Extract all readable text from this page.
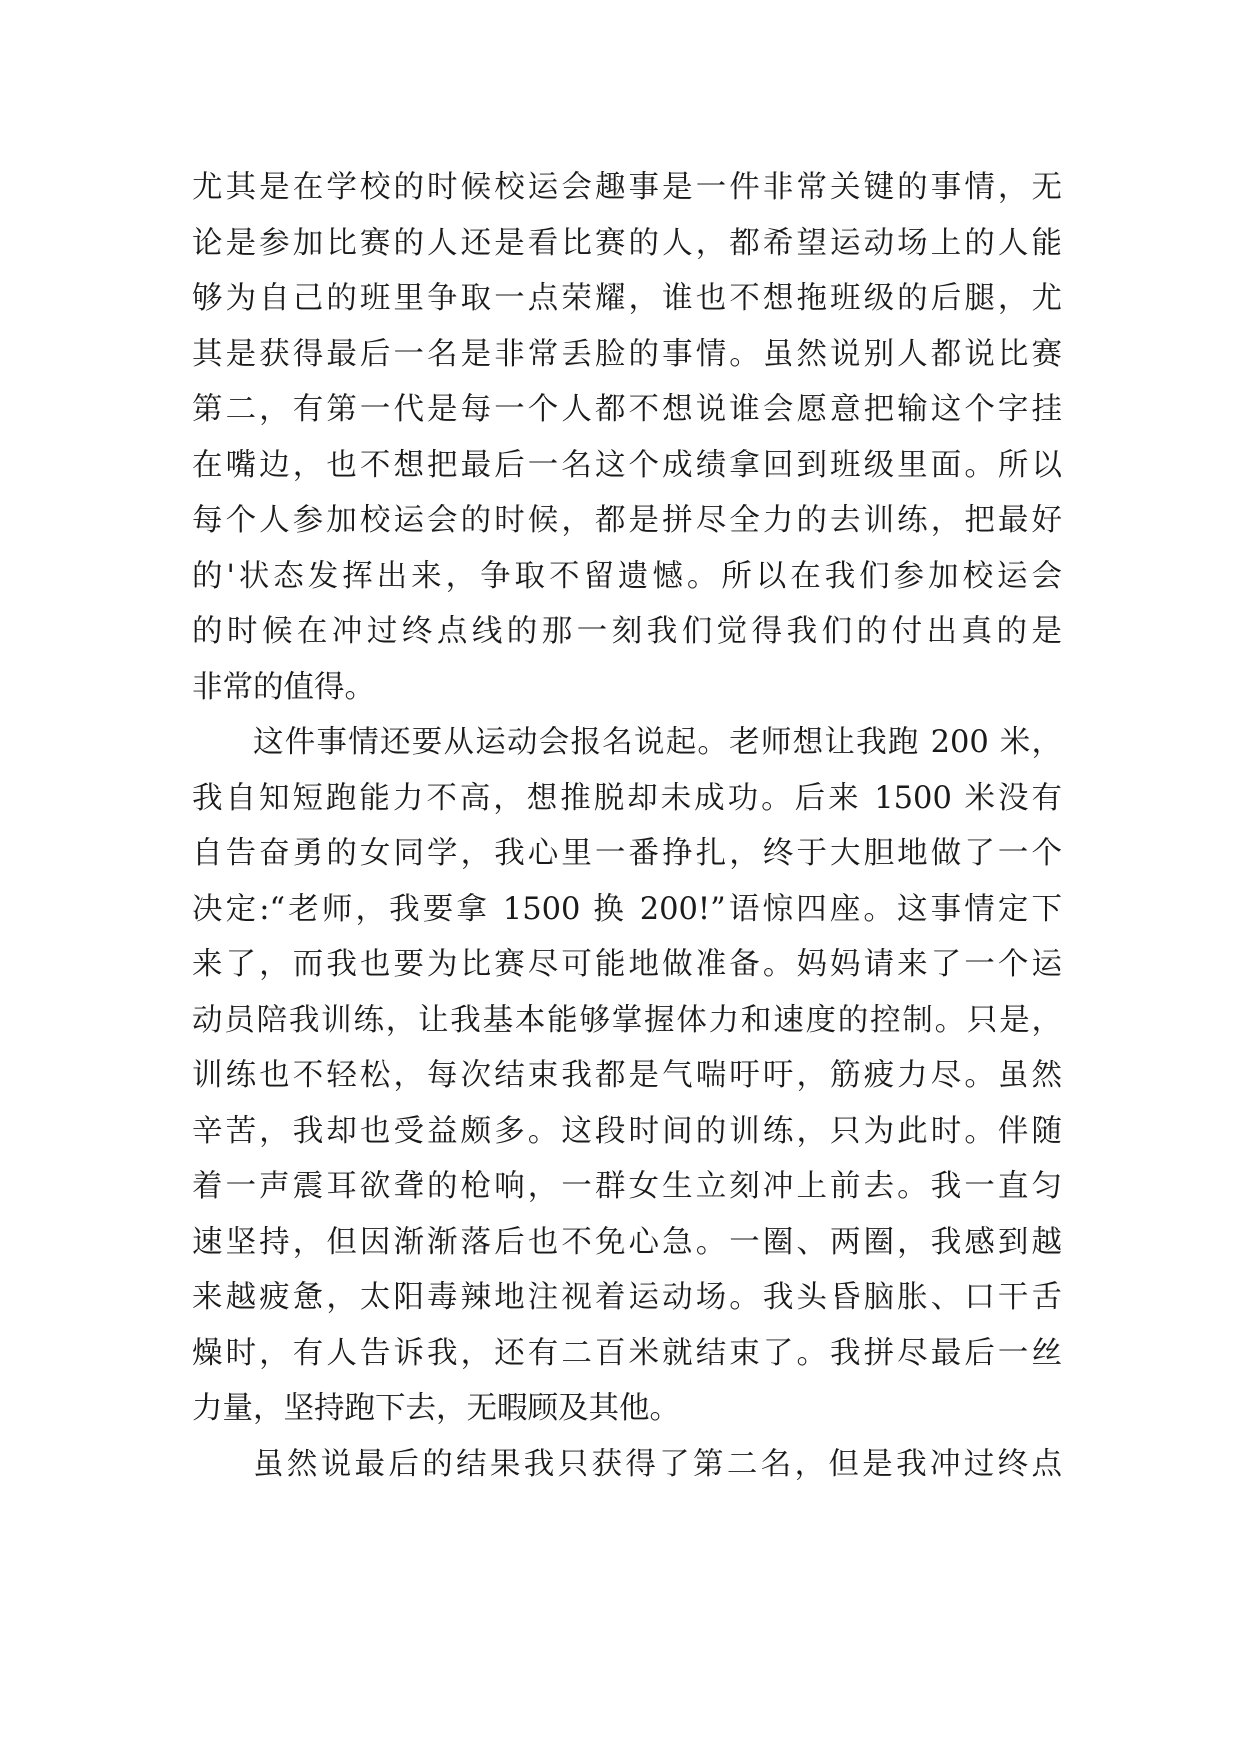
尤其是在学校的时候校运会趣事是一件非常关键的事情，无
论是参加比赛的人还是看比赛的人，都希望运动场上的人能
够为自己的班里争取一点荣耀，谁也不想拖班级的后腿，尤
其是获得最后一名是非常丢脸的事情。虽然说别人都说比赛
第二，有第一代是每一个人都不想说谁会愿意把输这个字挂
在嘴边，也不想把最后一名这个成绩拿回到班级里面。所以
每个人参加校运会的时候，都是拼尽全力的去训练，把最好
的'状态发挥出来，争取不留遗憾。所以在我们参加校运会
的时候在冲过终点线的那一刻我们觉得我们的付出真的是
非常的值得。
这件事情还要从运动会报名说起。老师想让我跑 200 米，
我自知短跑能力不高，想推脱却未成功。后来 1500 米没有
自告奋勇的女同学，我心里一番挣扎，终于大胆地做了一个
决定:“老师，我要拿 1500 换 200!”语惊四座。这事情定下
来了，而我也要为比赛尽可能地做准备。妈妈请来了一个运
动员陪我训练，让我基本能够掌握体力和速度的控制。只是，
训练也不轻松，每次结束我都是气喘吁吁，筋疲力尽。虽然
辛苦，我却也受益颇多。这段时间的训练，只为此时。伴随
着一声震耳欲聋的枪响，一群女生立刻冲上前去。我一直匀
速坚持，但因渐渐落后也不免心急。一圈、两圈，我感到越
来越疲惫，太阳毒辣地注视着运动场。我头昏脑胀、口干舌
燥时，有人告诉我，还有二百米就结束了。我拼尽最后一丝
力量，坚持跑下去，无暇顾及其他。
虽然说最后的结果我只获得了第二名，但是我冲过终点
